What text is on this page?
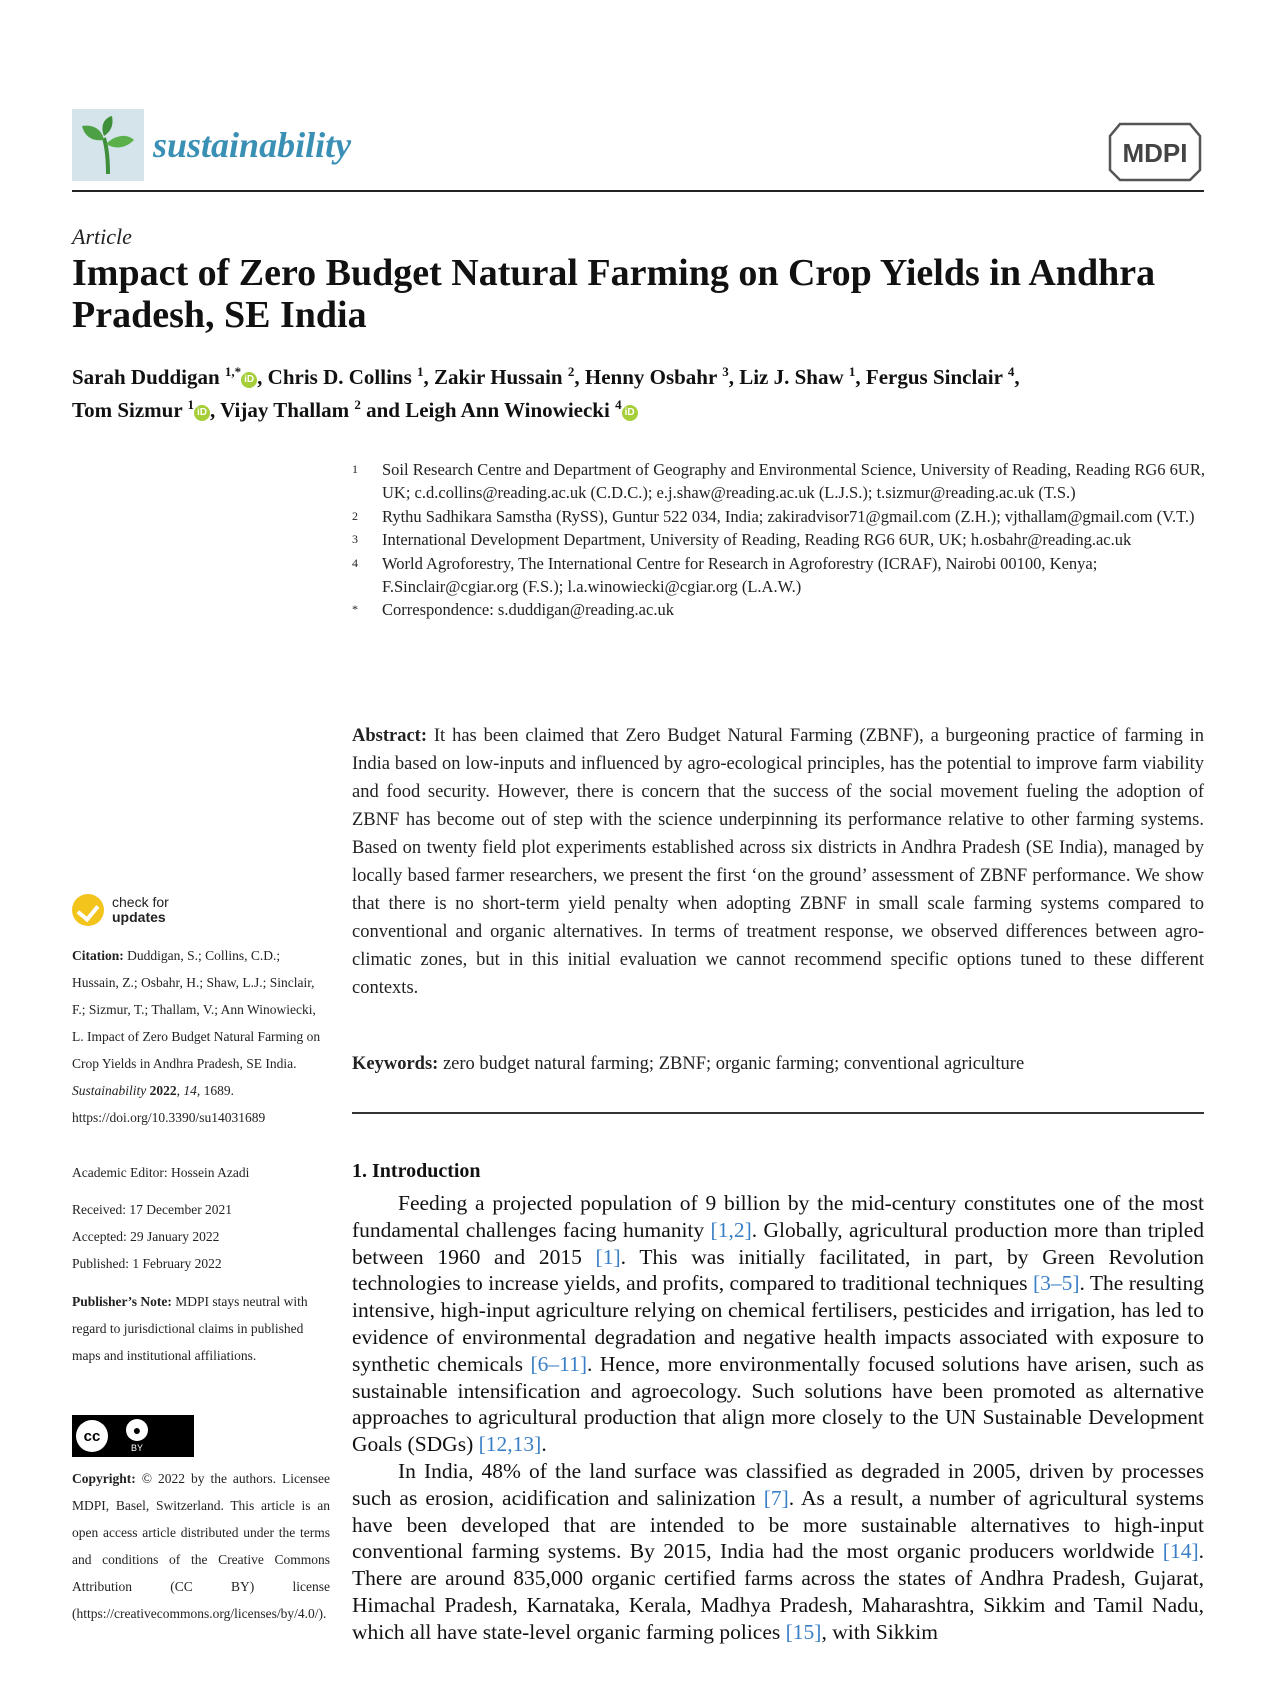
sustainability	MDPI
Article
Impact of Zero Budget Natural Farming on Crop Yields in Andhra Pradesh, SE India
Sarah Duddigan $^{1,*}$iD , Chris D. Collins $^1$, Zakir Hussain $^2$, Henny Osbahr $^3$, Liz J. Shaw $^1$, Fergus Sinclair $^4$,
Tom Sizmur $^1$iD , Vijay Thallam $^2$ and Leigh Ann Winowiecki $^4$iD
1	Soil Research Centre and Department of Geography and Environmental Science, University of Reading, Reading RG6 6UR, UK; c.d.collins@reading.ac.uk (C.D.C.); e.j.shaw@reading.ac.uk (L.J.S.); t.sizmur@reading.ac.uk (T.S.)
2	Rythu Sadhikara Samstha (RySS), Guntur 522 034, India; zakiradvisor71@gmail.com (Z.H.); vjthallam@gmail.com (V.T.)
3	International Development Department, University of Reading, Reading RG6 6UR, UK; h.osbahr@reading.ac.uk
4	World Agroforestry, The International Centre for Research in Agroforestry (ICRAF), Nairobi 00100, Kenya; F.Sinclair@cgiar.org (F.S.); l.a.winowiecki@cgiar.org (L.A.W.)
*	Correspondence: s.duddigan@reading.ac.uk
Abstract: It has been claimed that Zero Budget Natural Farming (ZBNF), a burgeoning practice of farming in India based on low-inputs and influenced by agro-ecological principles, has the potential to improve farm viability and food security. However, there is concern that the success of the social movement fueling the adoption of ZBNF has become out of step with the science underpinning its performance relative to other farming systems. Based on twenty field plot experiments established across six districts in Andhra Pradesh (SE India), managed by locally based farmer researchers, we present the first ‘on the ground’ assessment of ZBNF performance. We show that there is no short-term yield penalty when adopting ZBNF in small scale farming systems compared to conventional and organic alternatives. In terms of treatment response, we observed differences between agro-climatic zones, but in this initial evaluation we cannot recommend specific options tuned to these different contexts.
Keywords: zero budget natural farming; ZBNF; organic farming; conventional agriculture
1. Introduction

Feeding a projected population of 9 billion by the mid-century constitutes one of the most fundamental challenges facing humanity [1,2]. Globally, agricultural production more than tripled between 1960 and 2015 [1]. This was initially facilitated, in part, by Green Revolution technologies to increase yields, and profits, compared to traditional techniques [3–5]. The resulting intensive, high-input agriculture relying on chemical fertilisers, pesticides and irrigation, has led to evidence of environmental degradation and negative health impacts associated with exposure to synthetic chemicals [6–11]. Hence, more environmentally focused solutions have arisen, such as sustainable intensification and agroecology. Such solutions have been promoted as alternative approaches to agricultural production that align more closely to the UN Sustainable Development Goals (SDGs) [12,13].

In India, 48% of the land surface was classified as degraded in 2005, driven by processes such as erosion, acidification and salinization [7]. As a result, a number of agricultural systems have been developed that are intended to be more sustainable alternatives to high-input conventional farming systems. By 2015, India had the most organic producers worldwide [14]. There are around 835,000 organic certified farms across the states of Andhra Pradesh, Gujarat, Himachal Pradesh, Karnataka, Kerala, Madhya Pradesh, Maharashtra, Sikkim and Tamil Nadu, which all have state-level organic farming polices [15], with Sikkim

check for
updates
Citation: Duddigan, S.; Collins, C.D.; Hussain, Z.; Osbahr, H.; Shaw, L.J.; Sinclair, F.; Sizmur, T.; Thallam, V.; Ann Winowiecki, L. Impact of Zero Budget Natural Farming on Crop Yields in Andhra Pradesh, SE India. Sustainability 2022, 14, 1689. https://doi.org/10.3390/su14031689
Academic Editor: Hossein Azadi
Received: 17 December 2021
Accepted: 29 January 2022
Published: 1 February 2022
Publisher’s Note: MDPI stays neutral with regard to jurisdictional claims in published maps and institutional affiliations.
cc	●
BY
Copyright: © 2022 by the authors. Licensee MDPI, Basel, Switzerland. This article is an open access article distributed under the terms and conditions of the Creative Commons Attribution (CC BY) license (https://creativecommons.org/licenses/by/4.0/).
